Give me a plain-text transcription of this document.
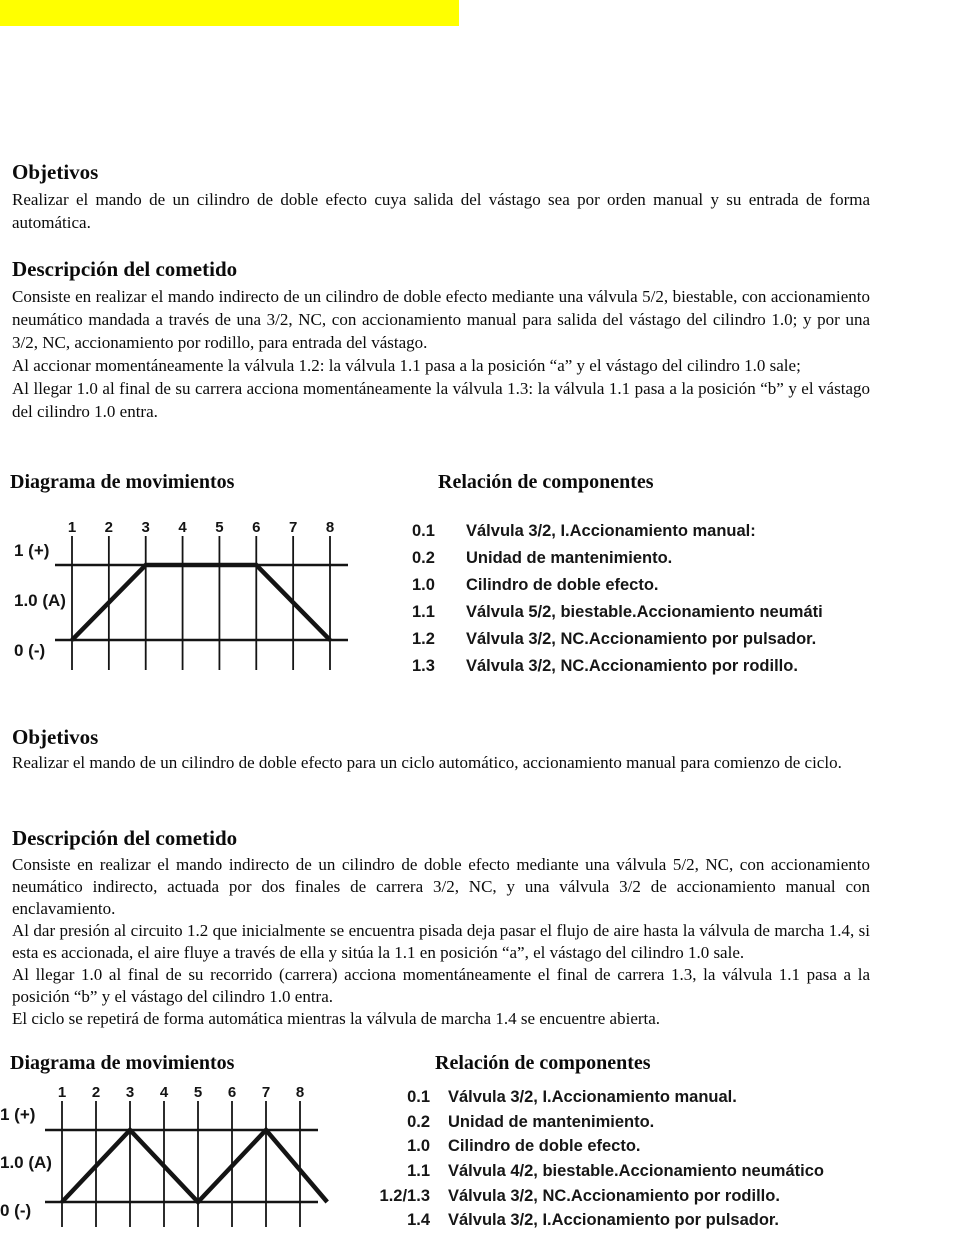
Objetivos

Realizar el mando de un cilindro de doble efecto cuya salida del vástago sea por orden manual y su entrada de forma automática.

Descripción del cometido

Consiste en realizar el mando indirecto de un cilindro de doble efecto mediante una válvula 5/2, biestable, con accionamiento neumático mandada a través de una 3/2, NC, con accionamiento manual para salida del vástago del cilindro 1.0; y por una 3/2, NC, accionamiento por rodillo, para entrada del vástago.

Al accionar momentáneamente la válvula 1.2: la válvula 1.1 pasa a la posición “a” y el vástago del cilindro 1.0 sale;

Al llegar 1.0 al final de su carrera acciona momentáneamente la válvula 1.3: la válvula 1.1 pasa a la posición “b” y el vástago del cilindro 1.0 entra.

Diagrama de movimientos	Relación de componentes
1 2 3 4 5 6 7 8
1 (+)
1.0 (A)
0 (-)
0.1	Válvula 3/2, I.Accionamiento manual:
0.2	Unidad de mantenimiento.
1.0	Cilindro de doble efecto.
1.1	Válvula 5/2, biestable.Accionamiento neumáti
1.2	Válvula 3/2, NC.Accionamiento por pulsador.
1.3	Válvula 3/2, NC.Accionamiento por rodillo.
Objetivos

Realizar el mando de un cilindro de doble efecto para un ciclo automático, accionamiento manual para comienzo de ciclo.

Descripción del cometido

Consiste en realizar el mando indirecto de un cilindro de doble efecto mediante una válvula 5/2, NC, con accionamiento neumático indirecto, actuada por dos finales de carrera 3/2, NC, y una válvula 3/2 de accionamiento manual con enclavamiento.

Al dar presión al circuito 1.2 que inicialmente se encuentra pisada deja pasar el flujo de aire hasta la válvula de marcha 1.4, si esta es accionada, el aire fluye a través de ella y sitúa la 1.1 en posición “a”, el vástago del cilindro 1.0 sale.

Al llegar 1.0 al final de su recorrido (carrera) acciona momentáneamente el final de carrera 1.3, la válvula 1.1 pasa a la posición “b” y el vástago del cilindro 1.0 entra.

El ciclo se repetirá de forma automática mientras la válvula de marcha 1.4 se encuentre abierta.

Diagrama de movimientos	Relación de componentes
1 2 3 4 5 6 7 8
1 (+)
1.0 (A)
0 (-)
0.1 Válvula 3/2, I.Accionamiento manual.
0.2 Unidad de mantenimiento.
1.0 Cilindro de doble efecto.
1.1 Válvula 4/2, biestable.Accionamiento neumático
1.2/1.3 Válvula 3/2, NC.Accionamiento por rodillo.
1.4 Válvula 3/2, I.Accionamiento por pulsador.
